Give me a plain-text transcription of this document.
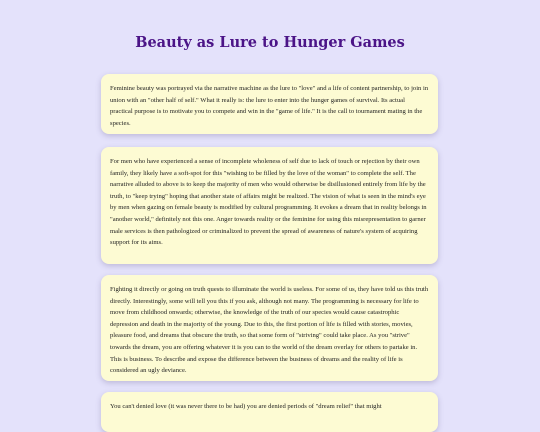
Beauty as Lure to Hunger Games

Feminine beauty was portrayed via the narrative machine as the lure to "love" and a life of content partnership, to join in union with an "other half of self." What it really is: the lure to enter into the hunger games of survival. Its actual practical purpose is to motivate you to compete and win in the "game of life." It is the call to tournament mating in the species.

For men who have experienced a sense of incomplete wholeness of self due to lack of touch or rejection by their own family, they likely have a soft-spot for this "wishing to be filled by the love of the woman" to complete the self. The narrative alluded to above is to keep the majority of men who would otherwise be disillusioned entirely from life by the truth, to "keep trying" hoping that another state of affairs might be realized. The vision of what is seen in the mind's eye by men when gazing on female beauty is modified by cultural programming. It evokes a dream that in reality belongs in "another world," definitely not this one. Anger towards reality or the feminine for using this misrepresentation to garner male services is then pathologized or criminalized to prevent the spread of awareness of nature's system of acquiring support for its aims.

Fighting it directly or going on truth quests to illuminate the world is useless. For some of us, they have told us this truth directly. Interestingly, some will tell you this if you ask, although not many. The programming is necessary for life to move from childhood onwards; otherwise, the knowledge of the truth of our species would cause catastrophic depression and death in the majority of the young. Due to this, the first portion of life is filled with stories, movies, pleasure food, and dreams that obscure the truth, so that some form of "striving" could take place. As you "strive" towards the dream, you are offering whatever it is you can to the world of the dream overlay for others to partake in. This is business. To describe and expose the difference between the business of dreams and the reality of life is considered an ugly deviance.

You can't denied love (it was never there to be had) you are denied periods of "dream relief" that might
